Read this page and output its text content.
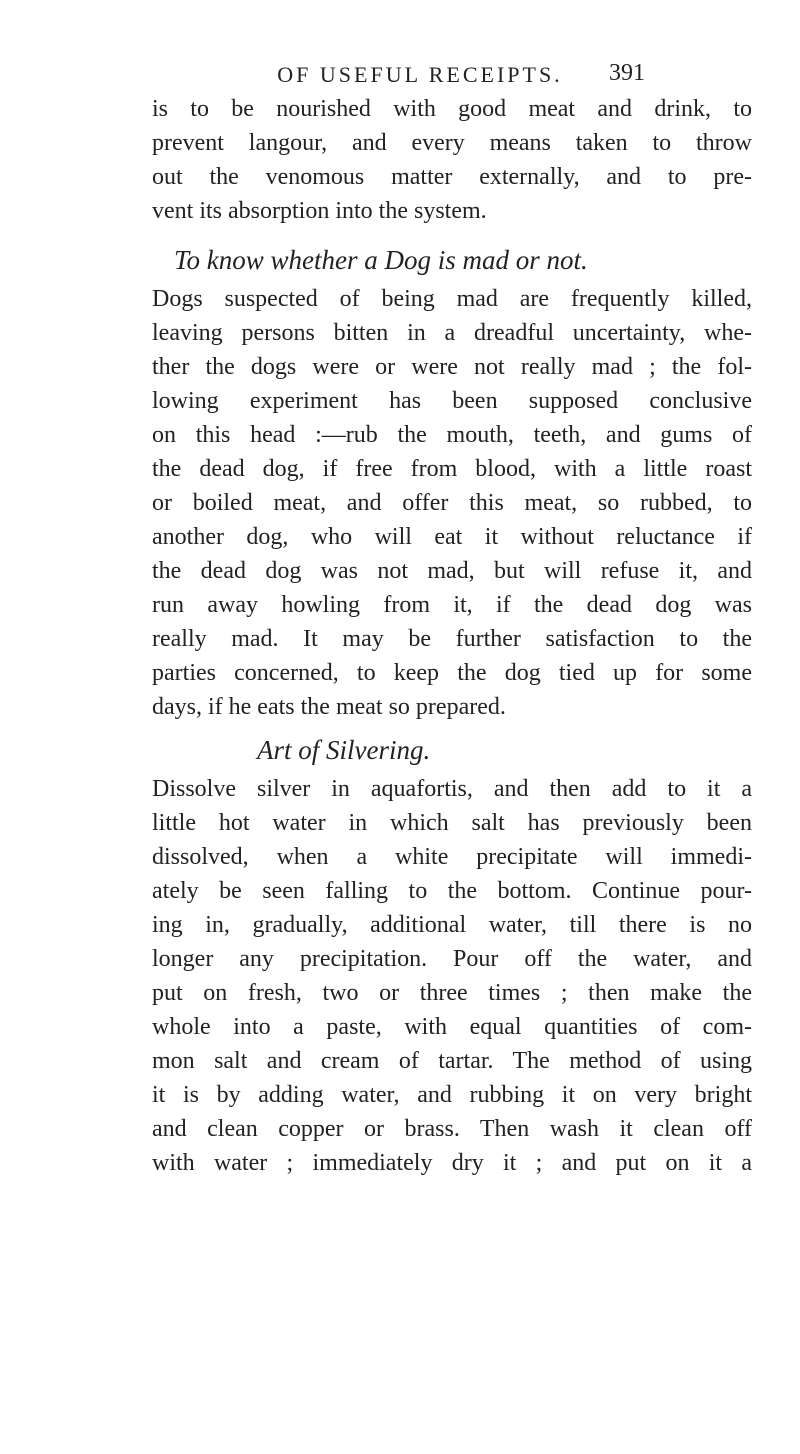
OF USEFUL RECEIPTS.	391
is to be nourished with good meat and drink, to
prevent langour, and every means taken to throw
out the venomous matter externally, and to pre-
vent its absorption into the system.
To know whether a Dog is mad or not.
Dogs suspected of being mad are frequently killed,
leaving persons bitten in a dreadful uncertainty, whe-
ther the dogs were or were not really mad ; the fol-
lowing experiment has been supposed conclusive
on this head :—rub the mouth, teeth, and gums of
the dead dog, if free from blood, with a little roast
or boiled meat, and offer this meat, so rubbed, to
another dog, who will eat it without reluctance if
the dead dog was not mad, but will refuse it, and
run away howling from it, if the dead dog was
really mad. It may be further satisfaction to the
parties concerned, to keep the dog tied up for some
days, if he eats the meat so prepared.
Art of Silvering.
Dissolve silver in aquafortis, and then add to it a
little hot water in which salt has previously been
dissolved, when a white precipitate will immedi-
ately be seen falling to the bottom. Continue pour-
ing in, gradually, additional water, till there is no
longer any precipitation. Pour off the water, and
put on fresh, two or three times ; then make the
whole into a paste, with equal quantities of com-
mon salt and cream of tartar. The method of using
it is by adding water, and rubbing it on very bright
and clean copper or brass. Then wash it clean off
with water ; immediately dry it ; and put on it a
